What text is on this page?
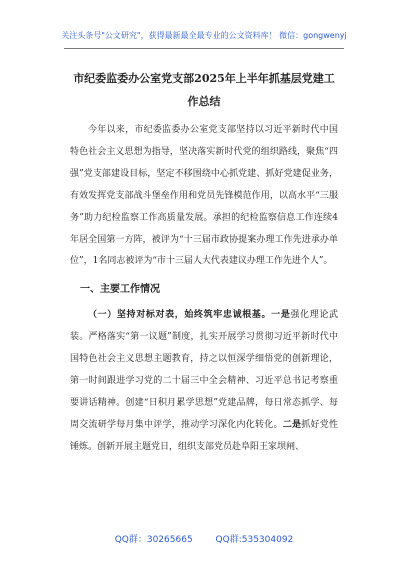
关注头条号"公文研究"，获得最新最全最专业的公文资料库！ 微信：gongwenyj
市纪委监委办公室党支部2025年上半年抓基层党建工作总结

今年以来，市纪委监委办公室党支部坚持以习近平新时代中国特色社会主义思想为指导，坚决落实新时代党的组织路线，聚焦“四强”党支部建设目标，坚定不移围绕中心抓党建、抓好党建促业务，有效发挥党支部战斗堡垒作用和党员先锋模范作用，以高水平“三服务”助力纪检监察工作高质量发展。承担的纪检监察信息工作连续4年居全国第一方阵，被评为“十三届市政协提案办理工作先进承办单位”，1名同志被评为“市十三届人大代表建议办理工作先进个人”。

一、主要工作情况

（一）坚持对标对表，始终筑牢忠诚根基。一是强化理论武装。严格落实“第一议题”制度，扎实开展学习贯彻习近平新时代中国特色社会主义思想主题教育，持之以恒深学细悟党的创新理论，第一时间跟进学习党的二十届三中全会精神、习近平总书记考察重要讲话精神。创建“日积月累学思想”党建品牌，每日常态抓学、每周交流研学每月集中评学，推动学习深化内化转化。二是抓好党性锤炼。创新开展主题党日，组织支部党员赴阜阳王家坝闸、

QQ群：30265665	QQ群:535304092
